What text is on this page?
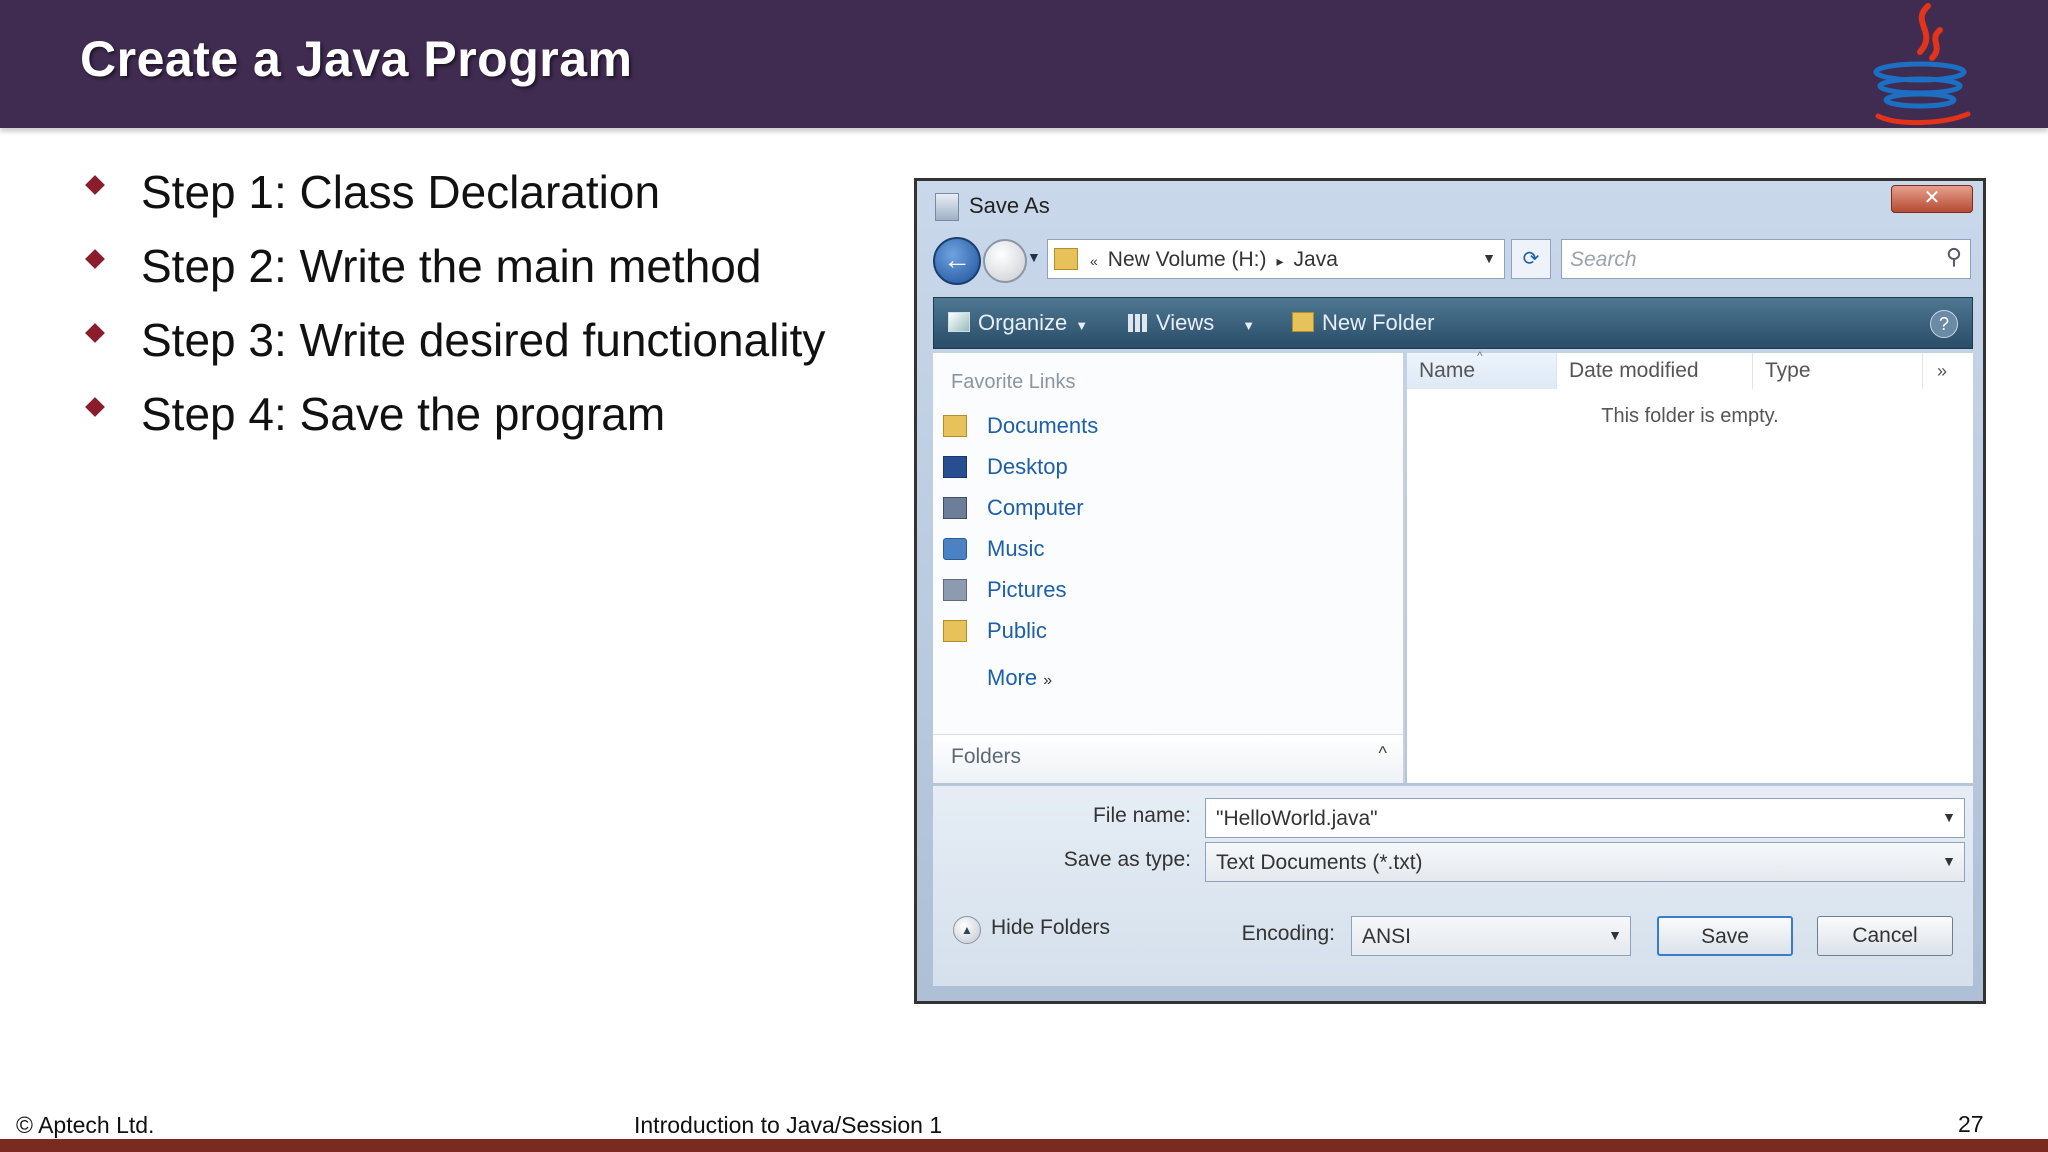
Create a Java Program
Step 1: Class Declaration
Step 2: Write the main method
Step 3: Write desired functionality
Step 4: Save the program
Save As	✕
←	▼	« New Volume (H:) ▸ Java	▼	⟳	Search	⚲
Organize ▼	Views ▼	New Folder	?
Favorite Links
Documents
Desktop
Computer
Music
Pictures
Public
More »
Folders	^
^
Name	Date modified	Type	»
This folder is empty.
File name: "HelloWorld.java"	▼
Save as type: Text Documents (*.txt)	▼
▲ Hide Folders	Encoding: ANSI	▼	Save	Cancel
© Aptech Ltd.	Introduction to Java/Session 1	27
